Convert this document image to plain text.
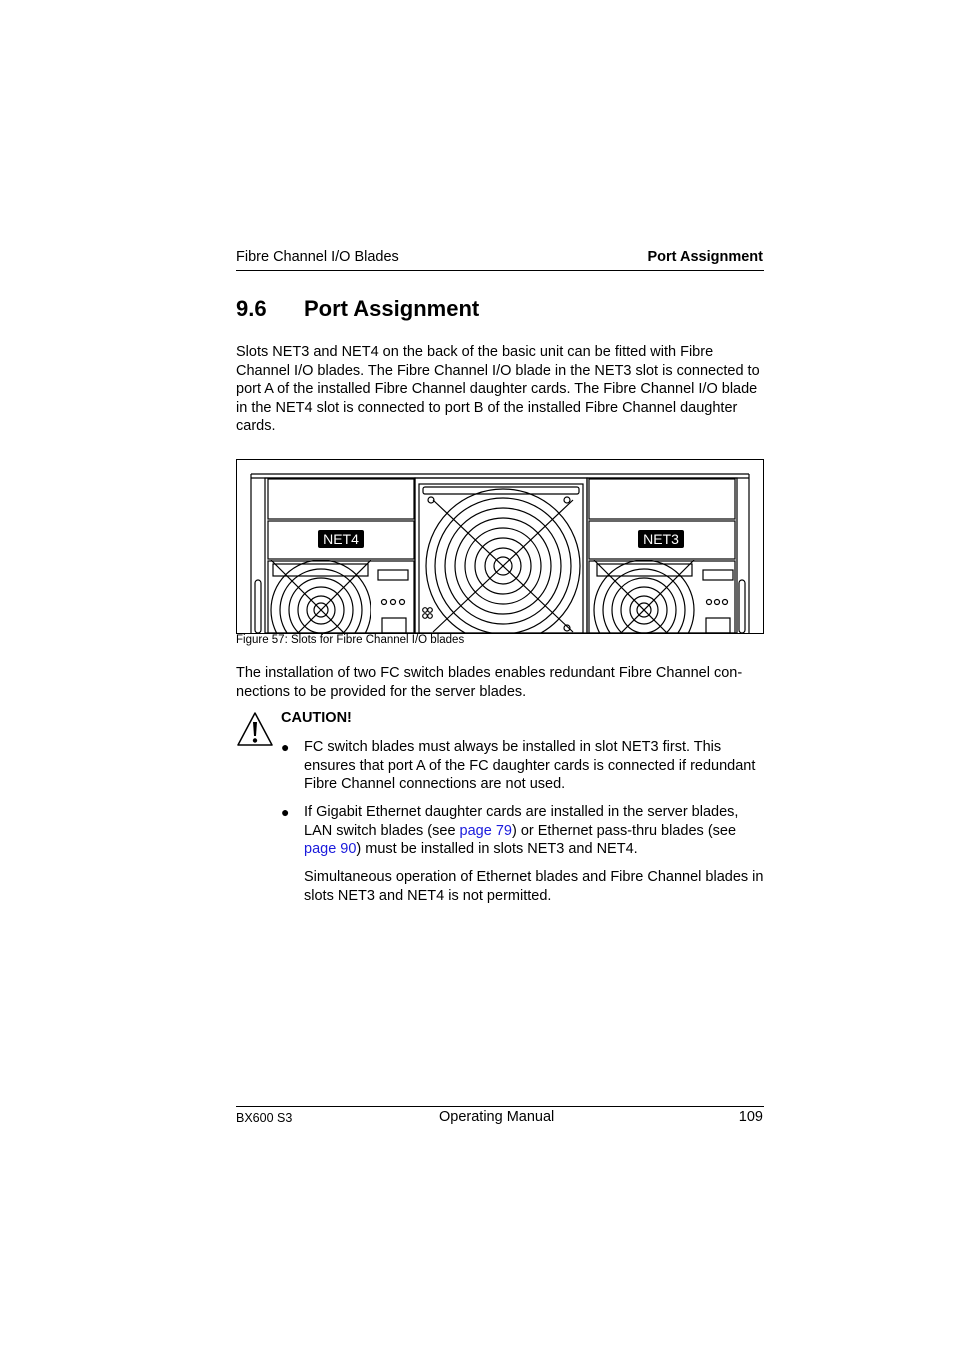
Fibre Channel I/O Blades	Port Assignment
9.6 Port Assignment
Slots NET3 and NET4 on the back of the basic unit can be fitted with Fibre Channel I/O blades. The Fibre Channel I/O blade in the NET3 slot is connected to port A of the installed Fibre Channel daughter cards. The Fibre Channel I/O blade in the NET4 slot is connected to port B of the installed Fibre Channel daughter cards.
NET4	NET3
Figure 57: Slots for Fibre Channel I/O blades
The installation of two FC switch blades enables redundant Fibre Channel con- nections to be provided for the server blades.
CAUTION!
● FC switch blades must always be installed in slot NET3 first. This ensures that port A of the FC daughter cards is connected if redundant Fibre Channel connections are not used.
● If Gigabit Ethernet daughter cards are installed in the server blades, LAN switch blades (see page 79) or Ethernet pass-thru blades (see page 90) must be installed in slots NET3 and NET4.
Simultaneous operation of Ethernet blades and Fibre Channel blades in slots NET3 and NET4 is not permitted.
BX600 S3	Operating Manual	109
